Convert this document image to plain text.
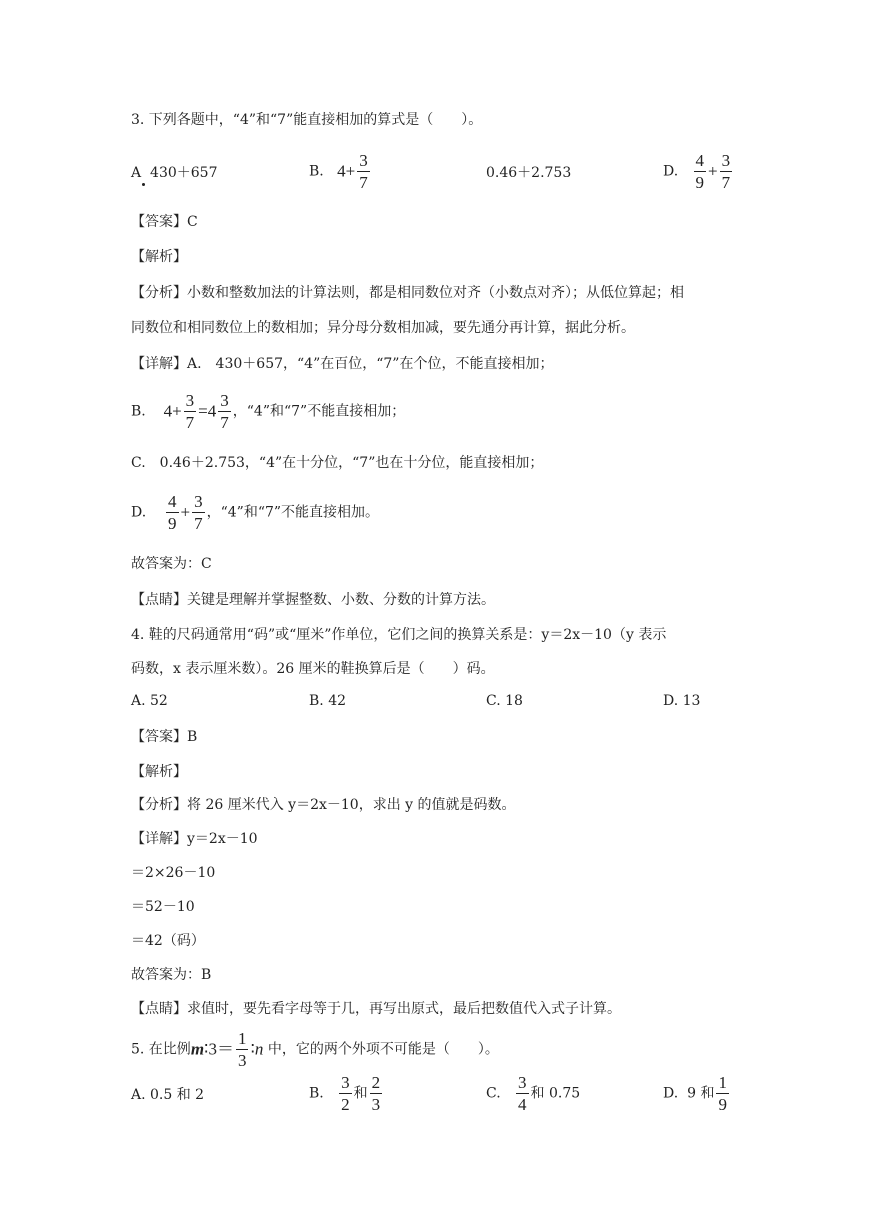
3. 下列各题中，“4”和“7”能直接相加的算式是（　　）。
A 430＋657	B. $4+ \frac{3}{7}$	0.46＋2.753	D. $\frac{4}{9} + \frac{3}{7}$
【答案】C
【解析】
【分析】小数和整数加法的计算法则，都是相同数位对齐（小数点对齐）；从低位算起；相
同数位和相同数位上的数相加；异分母分数相加减，要先通分再计算，据此分析。
【详解】A.　430＋657，“4”在百位，“7”在个位，不能直接相加；
B. $4+ \frac{3}{7} =4 \frac{3}{7}$ ，“4”和“7”不能直接相加；
C.　0.46＋2.753，“4”在十分位，“7”也在十分位，能直接相加；
D. $\frac{4}{9} + \frac{3}{7}$ ，“4”和“7”不能直接相加。
故答案为：C
【点睛】关键是理解并掌握整数、小数、分数的计算方法。
4. 鞋的尺码通常用“码”或“厘米”作单位，它们之间的换算关系是：y＝2x－10（y 表示
码数，x 表示厘米数）。26 厘米的鞋换算后是（　　）码。
A. 52	B. 42	C. 18	D. 13
【答案】B
【解析】
【分析】将 26 厘米代入 y＝2x－10，求出 y 的值就是码数。
【详解】y＝2x－10
＝2×26－10
＝52－10
＝42（码）
故答案为：B
【点睛】求值时，要先看字母等于几，再写出原式，最后把数值代入式子计算。
5. 在比例m∶3＝ $\frac{1}{3}$ ∶n 中，它的两个外项不可能是（　　）。
A. 0.5 和 2	B. $\frac{3}{2}$ 和 $\frac{2}{3}$	C. $\frac{3}{4}$ 和 0.75	D. 9 和 $\frac{1}{9}$
